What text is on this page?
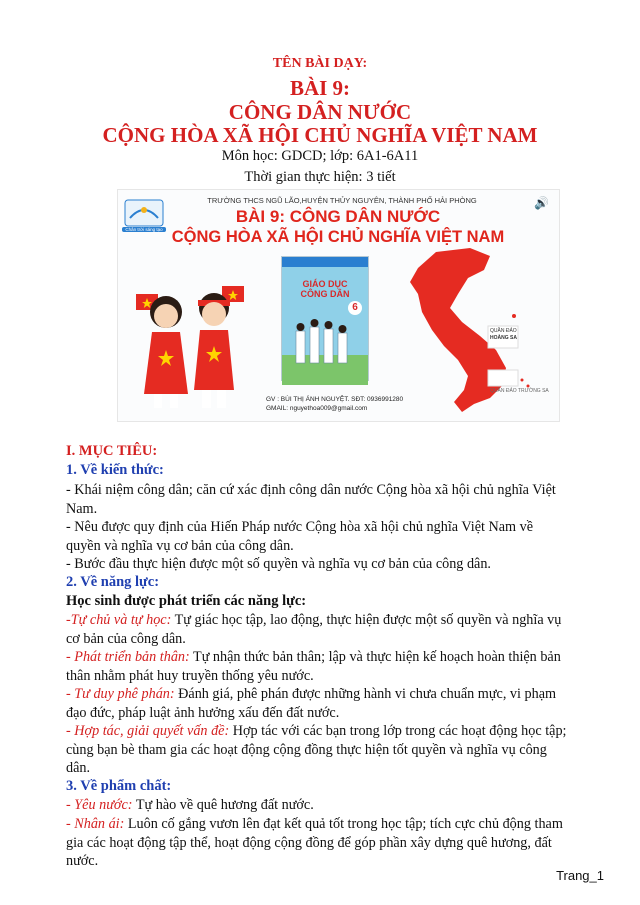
TÊN BÀI DẠY:
BÀI 9:
CÔNG DÂN NƯỚC
CỘNG HÒA XÃ HỘI CHỦ NGHĨA VIỆT NAM
Môn học: GDCD; lớp: 6A1-6A11
Thời gian thực hiện: 3 tiết
Chân trời sáng tạo
TRƯỜNG THCS NGŨ LÃO,HUYỆN THỦY NGUYÊN, THÀNH PHỐ HẢI PHÒNG
BÀI 9: CÔNG DÂN NƯỚC
CỘNG HÒA XÃ HỘI CHỦ NGHĨA VIỆT NAM
🔊
GIÁO DỤC
CÔNG DÂN
6
QUẦN ĐẢO
HOÀNG SA
QUẦN ĐẢO TRƯỜNG SA
GV : BÙI THỊ ÁNH NGUYỆT. SĐT: 0936991280
GMAIL: nguyethoa009@gmail.com
I. MỤC TIÊU:
1. Về kiến thức:
- Khái niệm công dân; căn cứ xác định công dân nước Cộng hòa xã hội chủ nghĩa Việt
Nam.
- Nêu được quy định của Hiến Pháp nước Cộng hòa xã hội chủ nghĩa Việt Nam về
quyền và nghĩa vụ cơ bản của công dân.
- Bước đầu thực hiện được một số quyền và nghĩa vụ cơ bản của công dân.
2. Về năng lực:
Học sinh được phát triển các năng lực:
-Tự chủ và tự học: Tự giác học tập, lao động, thực hiện được một số quyền và nghĩa vụ
cơ bản của công dân.
- Phát triển bản thân: Tự nhận thức bản thân; lập và thực hiện kế hoạch hoàn thiện bản
thân nhằm phát huy truyền thống yêu nước.
- Tư duy phê phán: Đánh giá, phê phán được những hành vi chưa chuẩn mực, vi phạm
đạo đức, pháp luật ảnh hưởng xấu đến đất nước.
- Hợp tác, giải quyết vấn đề: Hợp tác với các bạn trong lớp trong các hoạt động học tập;
cùng bạn bè tham gia các hoạt động cộng đồng thực hiện tốt quyền và nghĩa vụ công
dân.
3. Về phẩm chất:
- Yêu nước: Tự hào về quê hương đất nước.
- Nhân ái: Luôn cố gắng vươn lên đạt kết quả tốt trong học tập; tích cực chủ động tham
gia các hoạt động tập thể, hoạt động cộng đồng để góp phần xây dựng quê hương, đất
nước.
Trang_1
